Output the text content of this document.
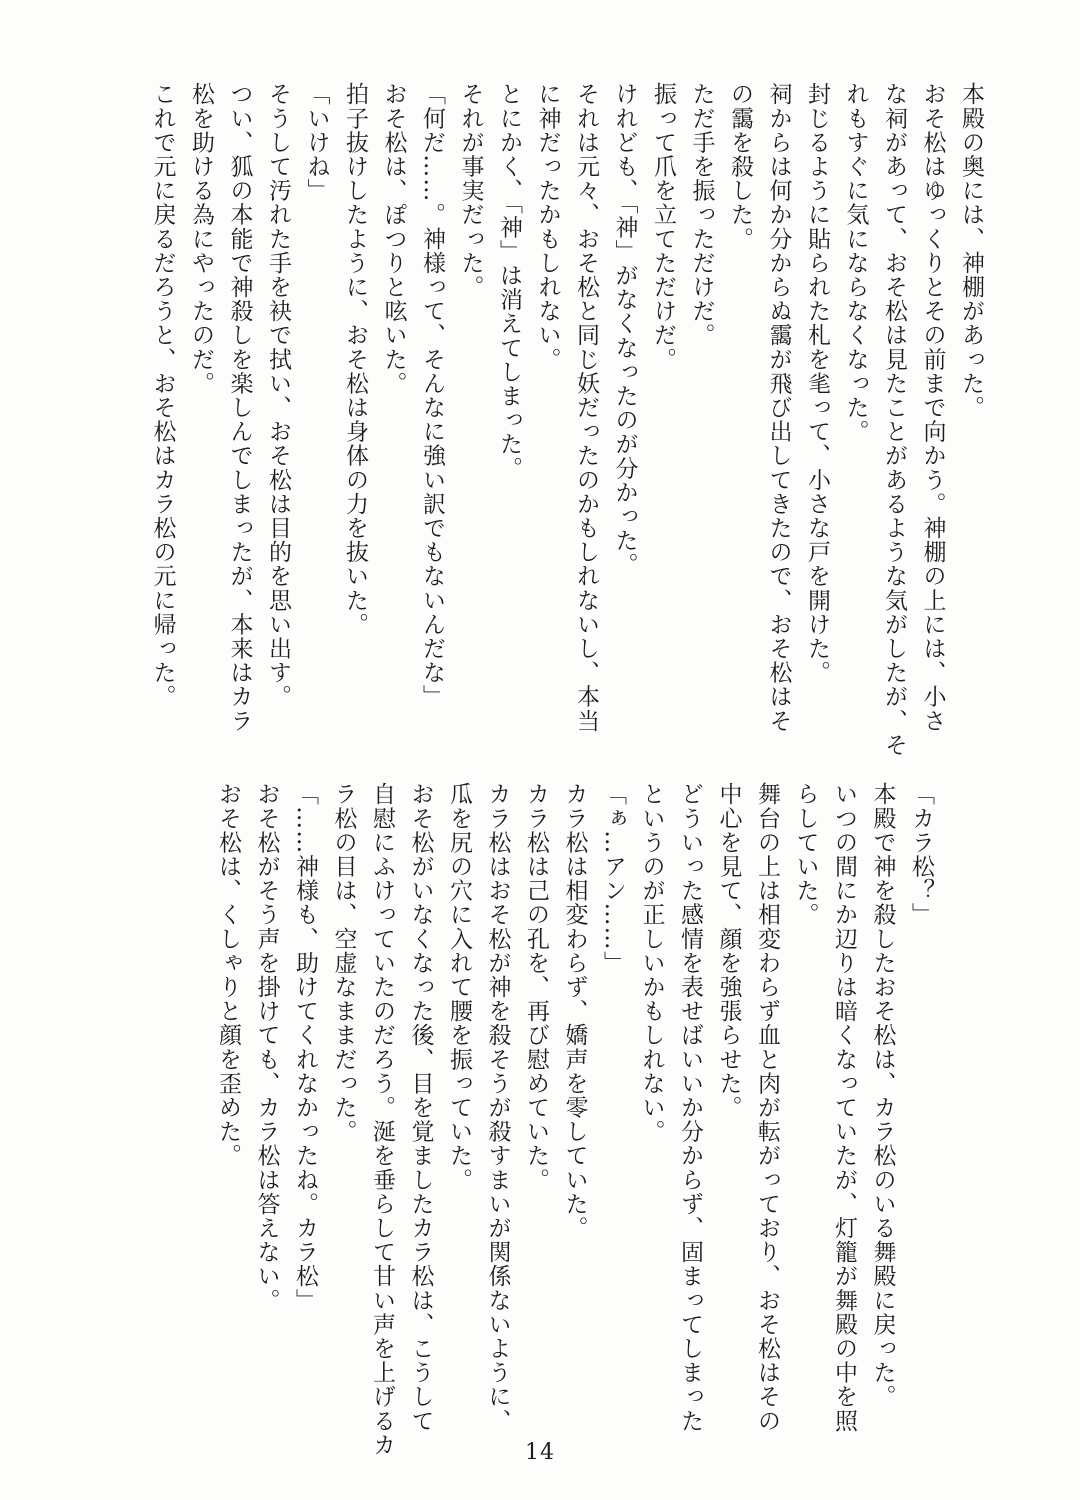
本殿の奥には、神棚があった。
おそ松はゆっくりとその前まで向かう。神棚の上には、小さ
な祠があって、おそ松は見たことがあるような気がしたが、そ
れもすぐに気にならなくなった。
封じるように貼られた札を毟って、小さな戸を開けた。
祠からは何か分からぬ靄が飛び出してきたので、おそ松はそ
の靄を殺した。
ただ手を振っただけだ。
振って爪を立てただけだ。
けれども、「神」がなくなったのが分かった。
それは元々、おそ松と同じ妖だったのかもしれないし、本当
に神だったかもしれない。
とにかく、「神」は消えてしまった。
それが事実だった。
「何だ……。神様って、そんなに強い訳でもないんだな」
おそ松は、ぽつりと呟いた。
拍子抜けしたように、おそ松は身体の力を抜いた。
「いけね」
そうして汚れた手を袂で拭い、おそ松は目的を思い出す。
つい、狐の本能で神殺しを楽しんでしまったが、本来はカラ
松を助ける為にやったのだ。
これで元に戻るだろうと、おそ松はカラ松の元に帰った。
「カラ松？」
本殿で神を殺したおそ松は、カラ松のいる舞殿に戻った。
いつの間にか辺りは暗くなっていたが、灯籠が舞殿の中を照
らしていた。
舞台の上は相変わらず血と肉が転がっており、おそ松はその
中心を見て、顔を強張らせた。
どういった感情を表せばいいか分からず、固まってしまった
というのが正しいかもしれない。
「ぁ…アン……」
カラ松は相変わらず、嬌声を零していた。
カラ松は己の孔を、再び慰めていた。
カラ松はおそ松が神を殺そうが殺すまいが関係ないように、
瓜を尻の穴に入れて腰を振っていた。
おそ松がいなくなった後、目を覚ましたカラ松は、こうして
自慰にふけっていたのだろう。涎を垂らして甘い声を上げるカ
ラ松の目は、空虚なままだった。
「……神様も、助けてくれなかったね。カラ松」
おそ松がそう声を掛けても、カラ松は答えない。
おそ松は、くしゃりと顔を歪めた。
14
